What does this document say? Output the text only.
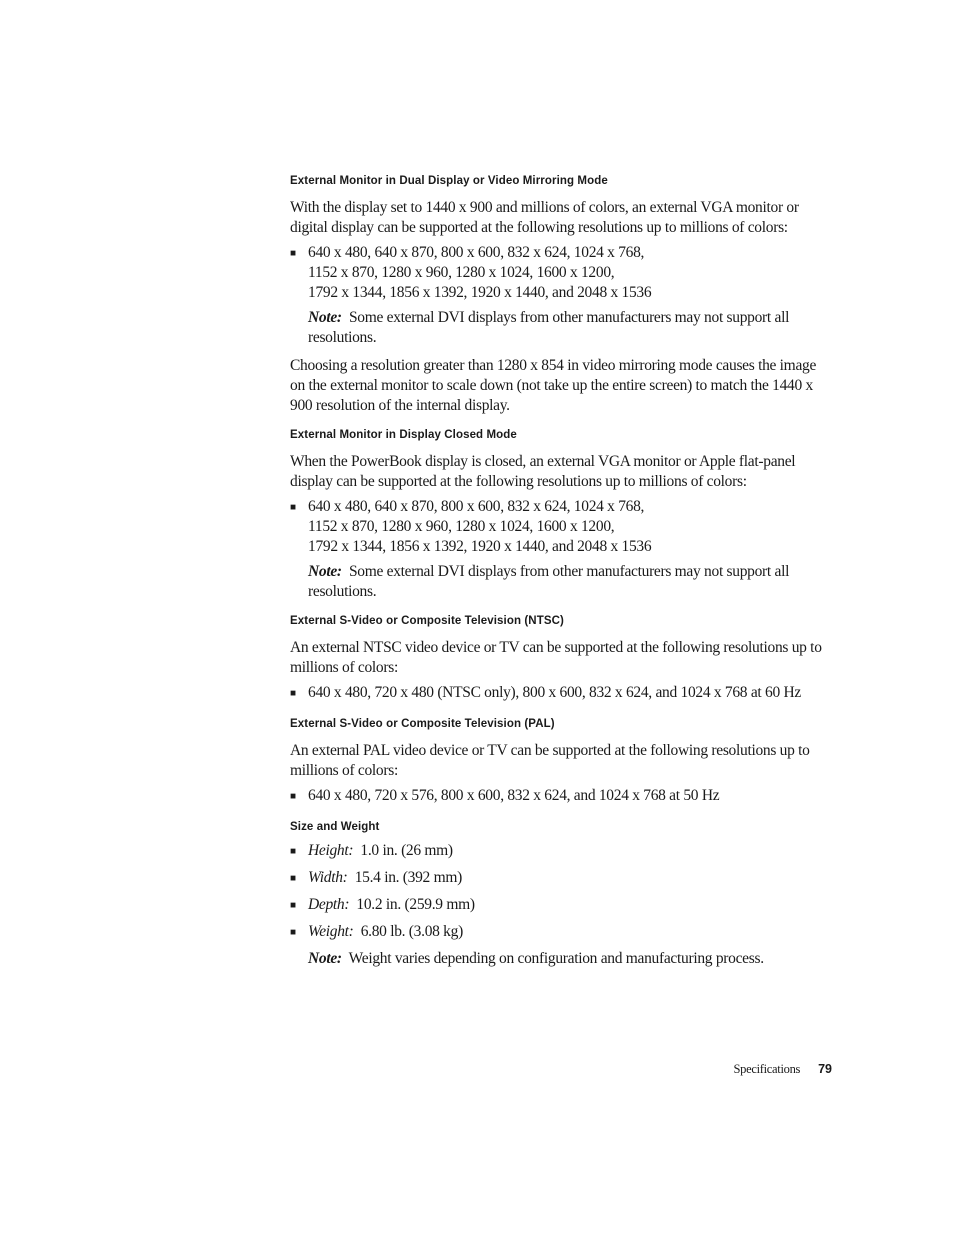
External Monitor in Dual Display or Video Mirroring Mode

With the display set to 1440 x 900 and millions of colors, an external VGA monitor or digital display can be supported at the following resolutions up to millions of colors:

■ 640 x 480, 640 x 870, 800 x 600, 832 x 624, 1024 x 768,
1152 x 870, 1280 x 960, 1280 x 1024, 1600 x 1200,
1792 x 1344, 1856 x 1392, 1920 x 1440, and 2048 x 1536

Note: Some external DVI displays from other manufacturers may not support all resolutions.

Choosing a resolution greater than 1280 x 854 in video mirroring mode causes the image on the external monitor to scale down (not take up the entire screen) to match the 1440 x 900 resolution of the internal display.

External Monitor in Display Closed Mode

When the PowerBook display is closed, an external VGA monitor or Apple flat-panel display can be supported at the following resolutions up to millions of colors:

■ 640 x 480, 640 x 870, 800 x 600, 832 x 624, 1024 x 768,
1152 x 870, 1280 x 960, 1280 x 1024, 1600 x 1200,
1792 x 1344, 1856 x 1392, 1920 x 1440, and 2048 x 1536

Note: Some external DVI displays from other manufacturers may not support all resolutions.

External S-Video or Composite Television (NTSC)

An external NTSC video device or TV can be supported at the following resolutions up to millions of colors:

■ 640 x 480, 720 x 480 (NTSC only), 800 x 600, 832 x 624, and 1024 x 768 at 60 Hz
External S-Video or Composite Television (PAL)

An external PAL video device or TV can be supported at the following resolutions up to millions of colors:

■ 640 x 480, 720 x 576, 800 x 600, 832 x 624, and 1024 x 768 at 50 Hz
Size and Weight
■ Height: 1.0 in. (26 mm)
■ Width: 15.4 in. (392 mm)
■ Depth: 10.2 in. (259.9 mm)
■ Weight: 6.80 lb. (3.08 kg)

Note: Weight varies depending on configuration and manufacturing process.

Specifications 79
